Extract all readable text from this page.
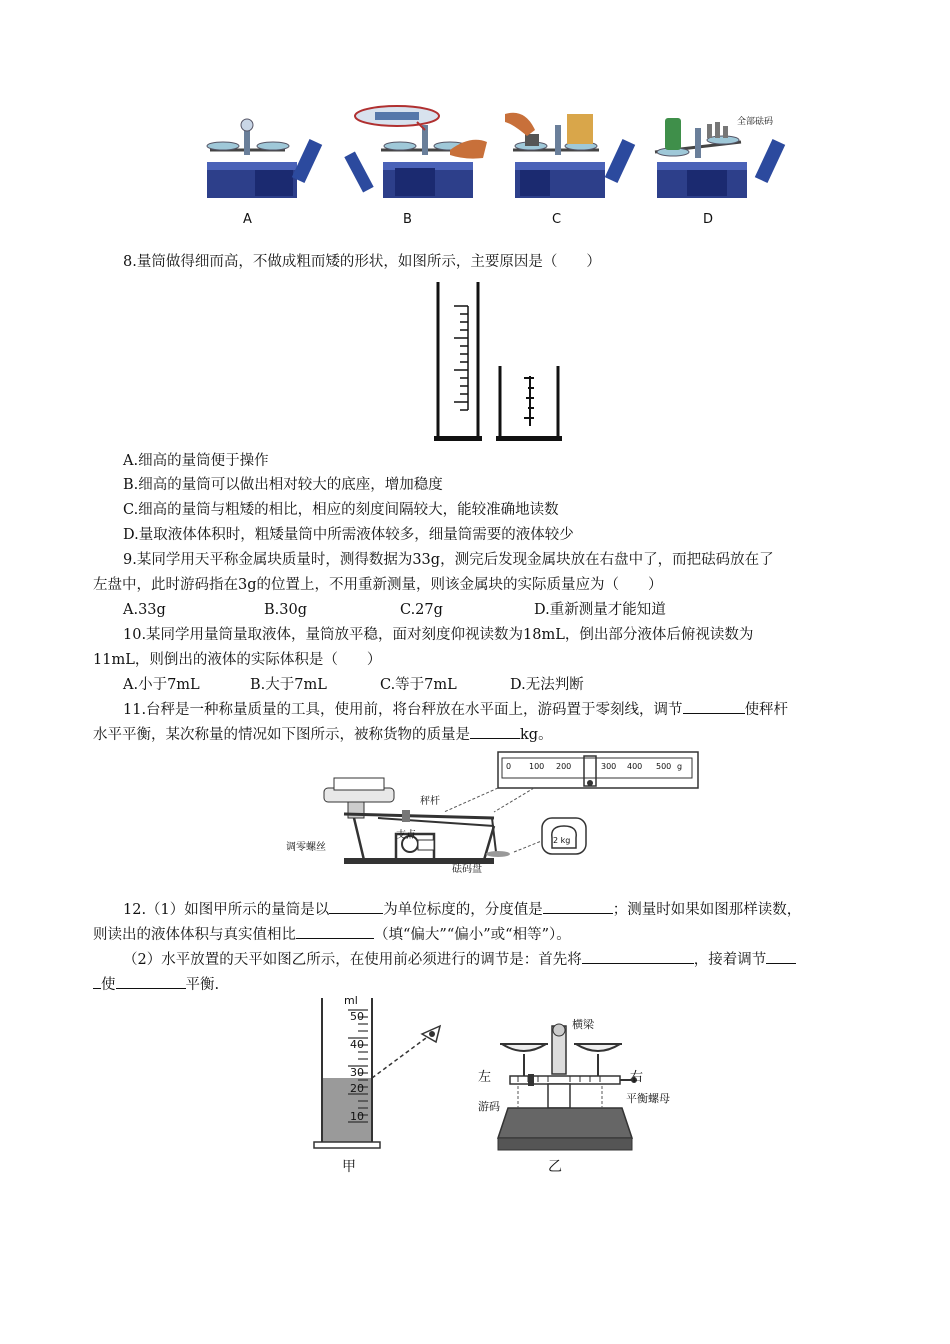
全部砝码
A	B	C	D
8.量筒做得细而高，不做成粗而矮的形状，如图所示，主要原因是（　　）
A.细高的量筒便于操作
B.细高的量筒可以做出相对较大的底座，增加稳度
C.细高的量筒与粗矮的相比，相应的刻度间隔较大，能较准确地读数
D.量取液体体积时，粗矮量筒中所需液体较多，细量筒需要的液体较少
9.某同学用天平称金属块质量时，测得数据为33g，测完后发现金属块放在右盘中了，而把砝码放在了
左盘中，此时游码指在3g的位置上，不用重新测量，则该金属块的实际质量应为（　　）
A.33g	B.30g	C.27g	D.重新测量才能知道
10.某同学用量筒量取液体，量筒放平稳，面对刻度仰视读数为18mL，倒出部分液体后俯视读数为
11mL，则倒出的液体的实际体积是（　　）
A.小于7mL	B.大于7mL	C.等于7mL	D.无法判断
11.台秤是一种称量质量的工具，使用前，将台秤放在水平面上，游码置于零刻线，调节	使秤杆
水平平衡，某次称量的情况如下图所示，被称货物的质量是	kg。
0 100 200	300 400 500 g
秤杆
支点
调零螺丝
砝码盘
2 kg
12.（1）如图甲所示的量筒是以	为单位标度的，分度值是	；测量时如果如图那样读数，
则读出的液体体积与真实值相比	（填“偏大”“偏小”或“相等”）。
（2）水平放置的天平如图乙所示，在使用前必须进行的调节是：首先将	，接着调节
使	平衡.
ml
50
40
30
20
10
甲
横梁
左	右
游码
平衡螺母
乙
